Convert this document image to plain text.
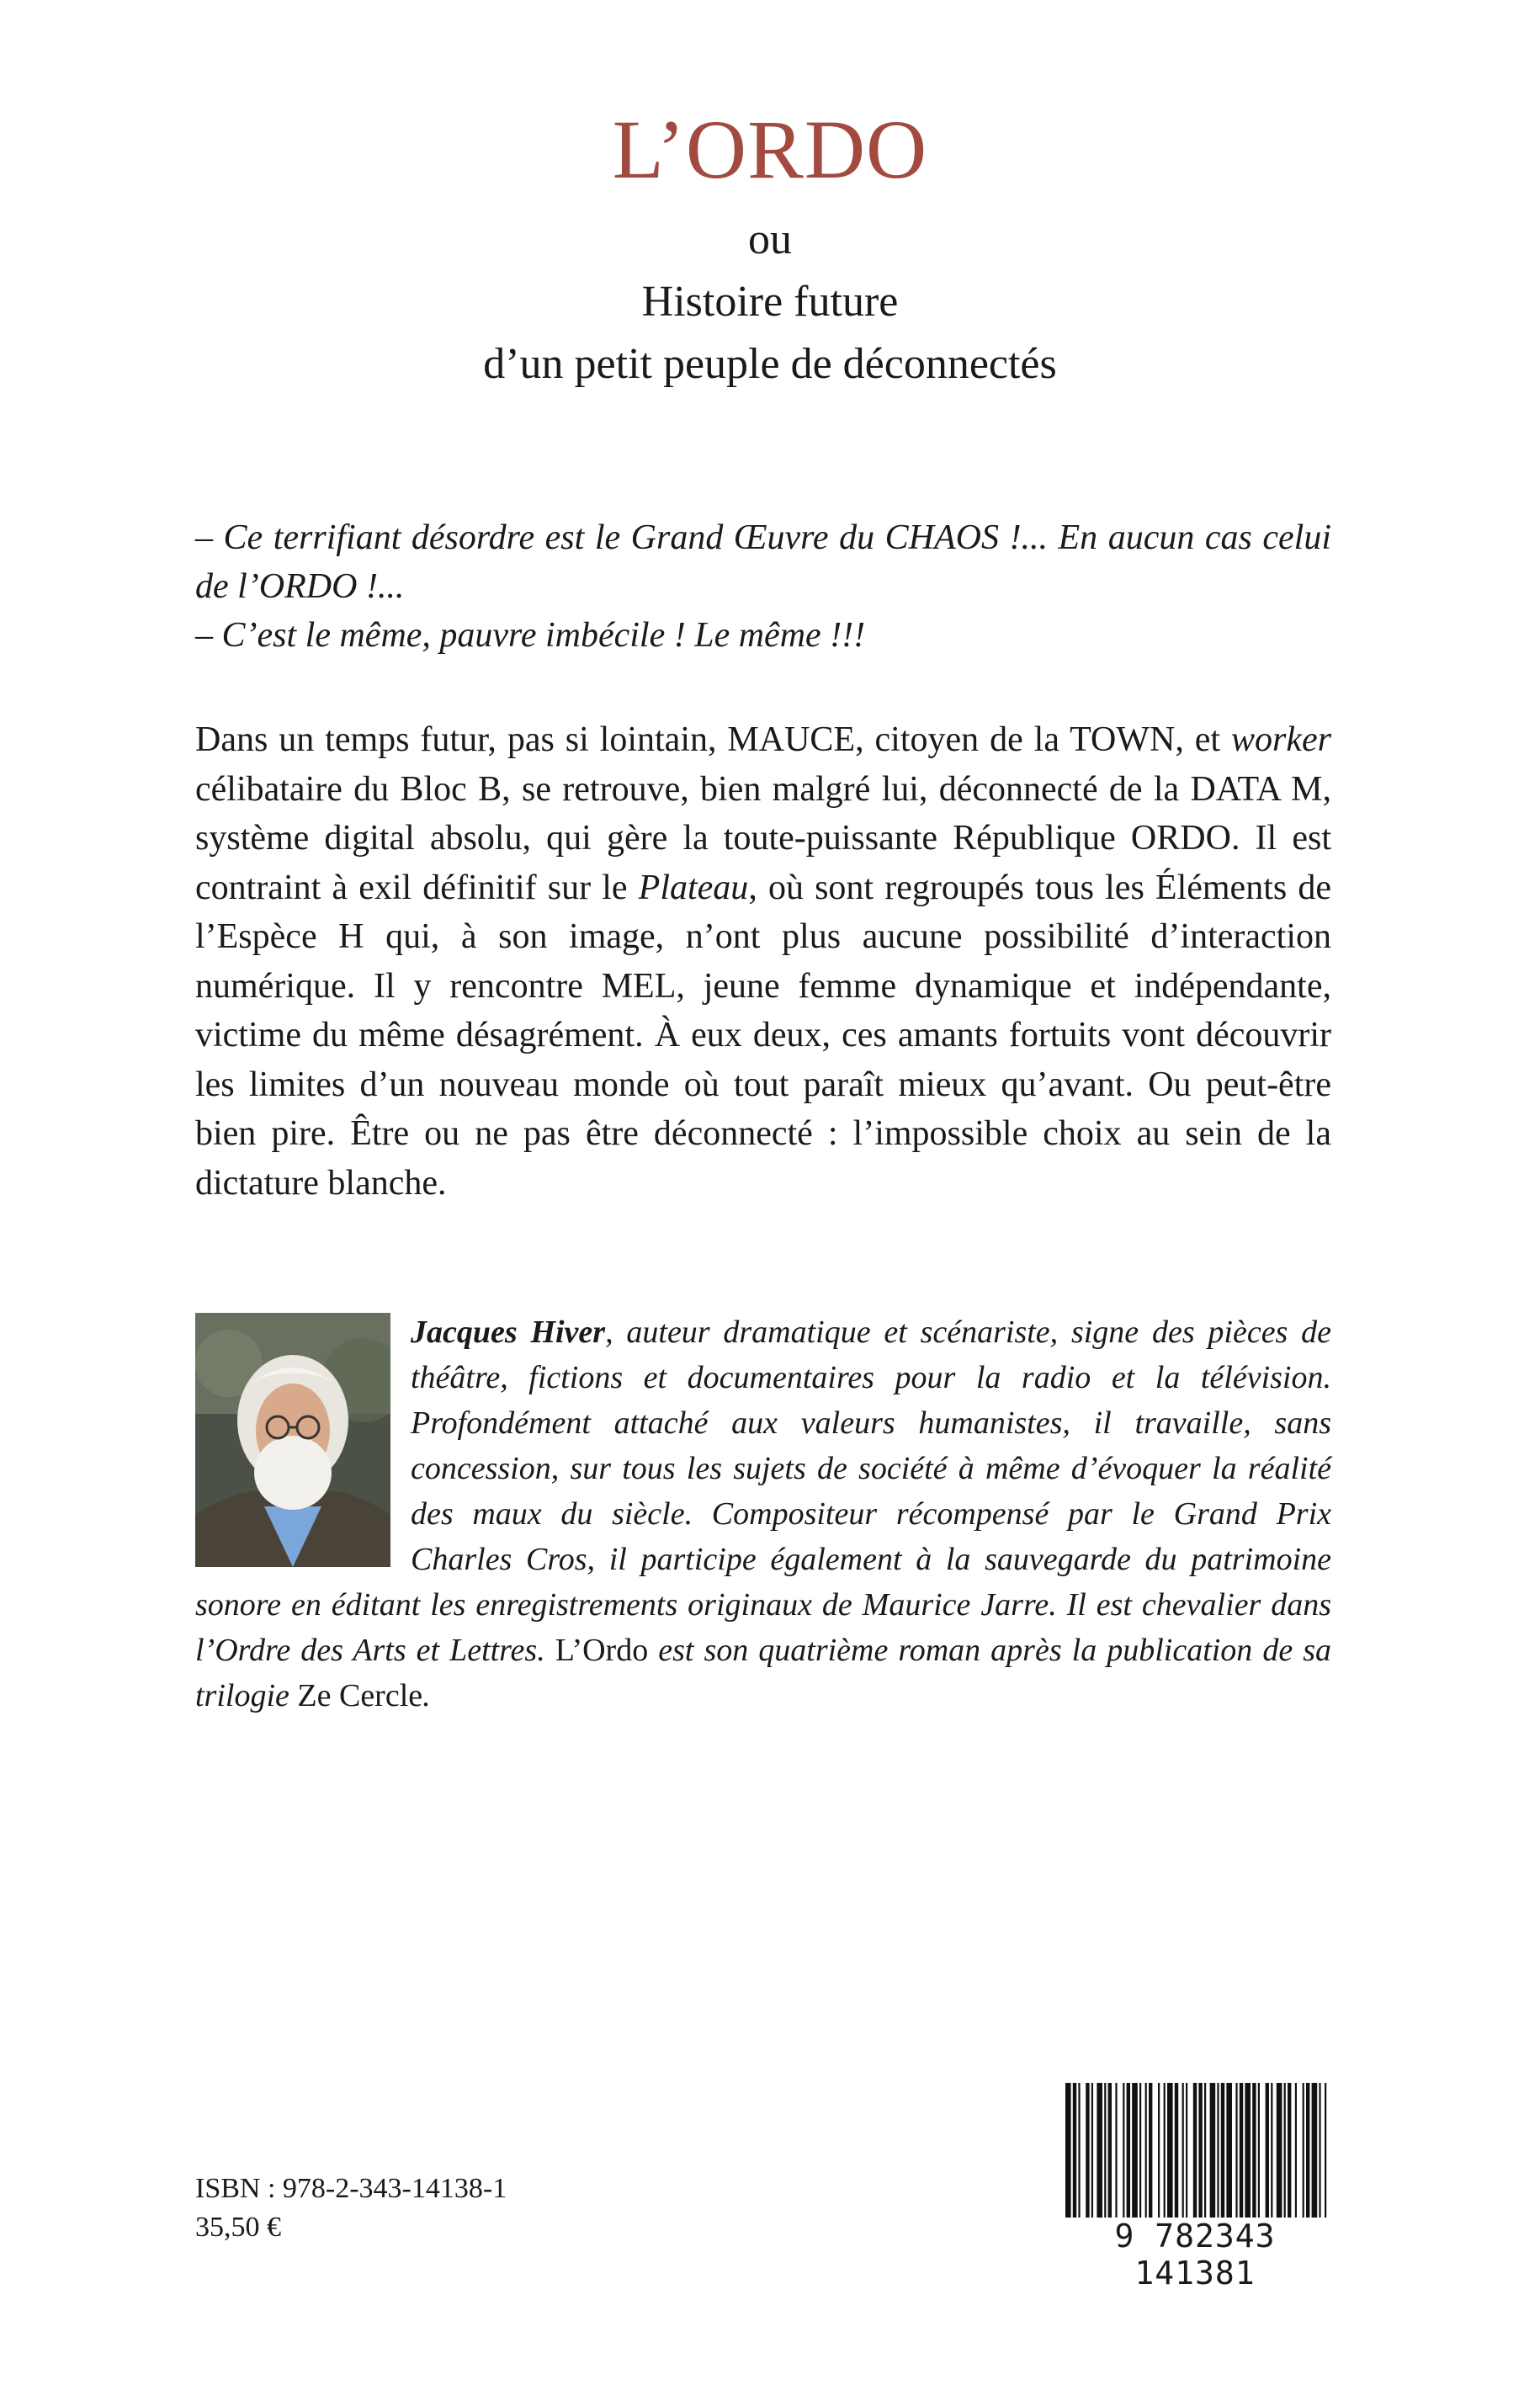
L’ORDO
ou
Histoire future
d’un petit peuple de déconnectés

– Ce terrifiant désordre est le Grand Œuvre du CHAOS !... En aucun cas celui de l’ORDO !...

– C’est le même, pauvre imbécile ! Le même !!!

Dans un temps futur, pas si lointain, MAUCE, citoyen de la TOWN, et worker célibataire du Bloc B, se retrouve, bien malgré lui, déconnecté de la DATA M, système digital absolu, qui gère la toute-puissante République ORDO. Il est contraint à exil définitif sur le Plateau, où sont regroupés tous les Éléments de l’Espèce H qui, à son image, n’ont plus aucune possibilité d’interaction numérique. Il y rencontre MEL, jeune femme dynamique et indépendante, victime du même désagrément. À eux deux, ces amants fortuits vont découvrir les limites d’un nouveau monde où tout paraît mieux qu’avant. Ou peut-être bien pire. Être ou ne pas être déconnecté : l’impossible choix au sein de la dictature blanche.

Jacques Hiver, auteur dramatique et scénariste, signe des pièces de théâtre, fictions et documentaires pour la radio et la télévision. Profondément attaché aux valeurs humanistes, il travaille, sans concession, sur tous les sujets de société à même d’évoquer la réalité des maux du siècle. Compositeur récompensé par le Grand Prix Charles Cros, il participe également à la sauvegarde du patrimoine sonore en éditant les enregistrements originaux de Maurice Jarre. Il est chevalier dans l’Ordre des Arts et Lettres. L’Ordo est son quatrième roman après la publication de sa trilogie Ze Cercle.

ISBN : 978-2-343-14138-1
35,50 €	9 782343 141381
